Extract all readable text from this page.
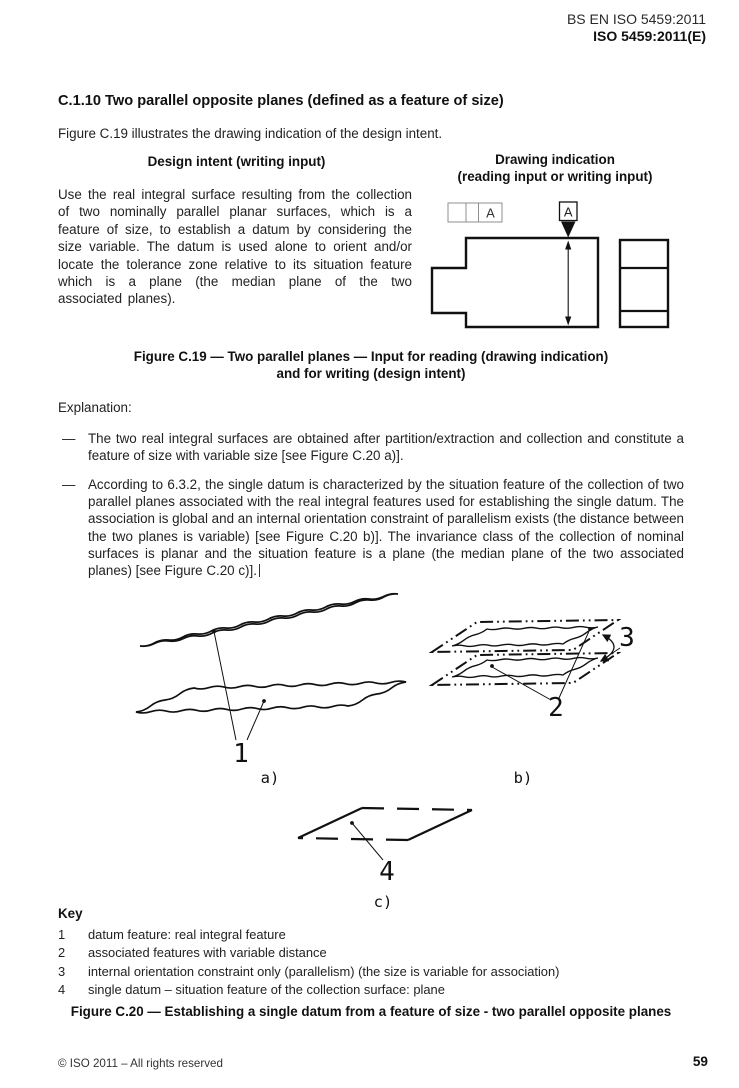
BS EN ISO 5459:2011
ISO 5459:2011(E)
C.1.10 Two parallel opposite planes (defined as a feature of size)
Figure C.19 illustrates the drawing indication of the design intent.
Design intent (writing input)
Use the real integral surface resulting from the collection of two nominally parallel planar surfaces, which is a feature of size, to establish a datum by considering the size variable. The datum is used alone to orient and/or locate the tolerance zone relative to its situation feature which is a plane (the median plane of the two associated planes).
Drawing indication
(reading input or writing input)
Figure C.19 — Two parallel planes — Input for reading (drawing indication)
and for writing (design intent)
Explanation:
— The two real integral surfaces are obtained after partition/extraction and collection and constitute a feature of size with variable size [see Figure C.20 a)].
— According to 6.3.2, the single datum is characterized by the situation feature of the collection of two parallel planes associated with the real integral features used for establishing the single datum. The association is global and an internal orientation constraint of parallelism exists (the distance between the two planes is variable) [see Figure C.20 b)]. The invariance class of the collection of nominal surfaces is planar and the situation feature is a plane (the median plane of the two associated planes) [see Figure C.20 c)].
A	A
1
a)
3
2
b)
4
c)
Key
1	datum feature: real integral feature
2	associated features with variable distance
3	internal orientation constraint only (parallelism) (the size is variable for association)
4	single datum – situation feature of the collection surface: plane
Figure C.20 — Establishing a single datum from a feature of size - two parallel opposite planes
© ISO 2011 – All rights reserved	59
